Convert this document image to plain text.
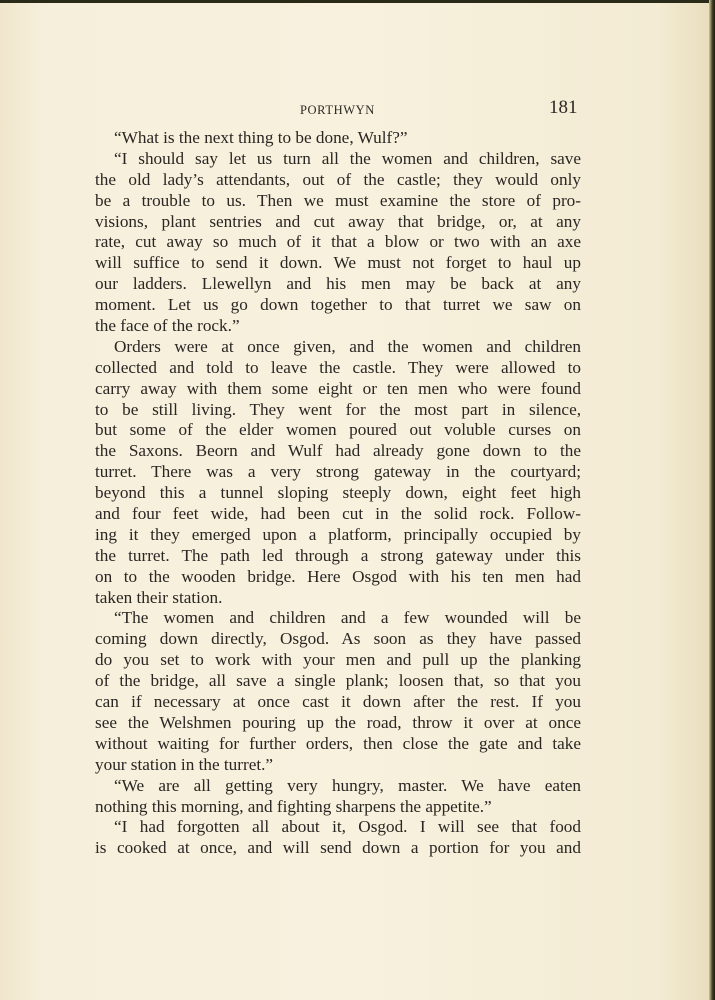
PORTHWYN	181
“What is the next thing to be done, Wulf?”
“I should say let us turn all the women and children, save
the old lady’s attendants, out of the castle; they would only
be a trouble to us. Then we must examine the store of pro-
visions, plant sentries and cut away that bridge, or, at any
rate, cut away so much of it that a blow or two with an axe
will suffice to send it down. We must not forget to haul up
our ladders. Llewellyn and his men may be back at any
moment. Let us go down together to that turret we saw on
the face of the rock.”
Orders were at once given, and the women and children
collected and told to leave the castle. They were allowed to
carry away with them some eight or ten men who were found
to be still living. They went for the most part in silence,
but some of the elder women poured out voluble curses on
the Saxons. Beorn and Wulf had already gone down to the
turret. There was a very strong gateway in the courtyard;
beyond this a tunnel sloping steeply down, eight feet high
and four feet wide, had been cut in the solid rock. Follow-
ing it they emerged upon a platform, principally occupied by
the turret. The path led through a strong gateway under this
on to the wooden bridge. Here Osgod with his ten men had
taken their station.
“The women and children and a few wounded will be
coming down directly, Osgod. As soon as they have passed
do you set to work with your men and pull up the planking
of the bridge, all save a single plank; loosen that, so that you
can if necessary at once cast it down after the rest. If you
see the Welshmen pouring up the road, throw it over at once
without waiting for further orders, then close the gate and take
your station in the turret.”
“We are all getting very hungry, master. We have eaten
nothing this morning, and fighting sharpens the appetite.”
“I had forgotten all about it, Osgod. I will see that food
is cooked at once, and will send down a portion for you and
